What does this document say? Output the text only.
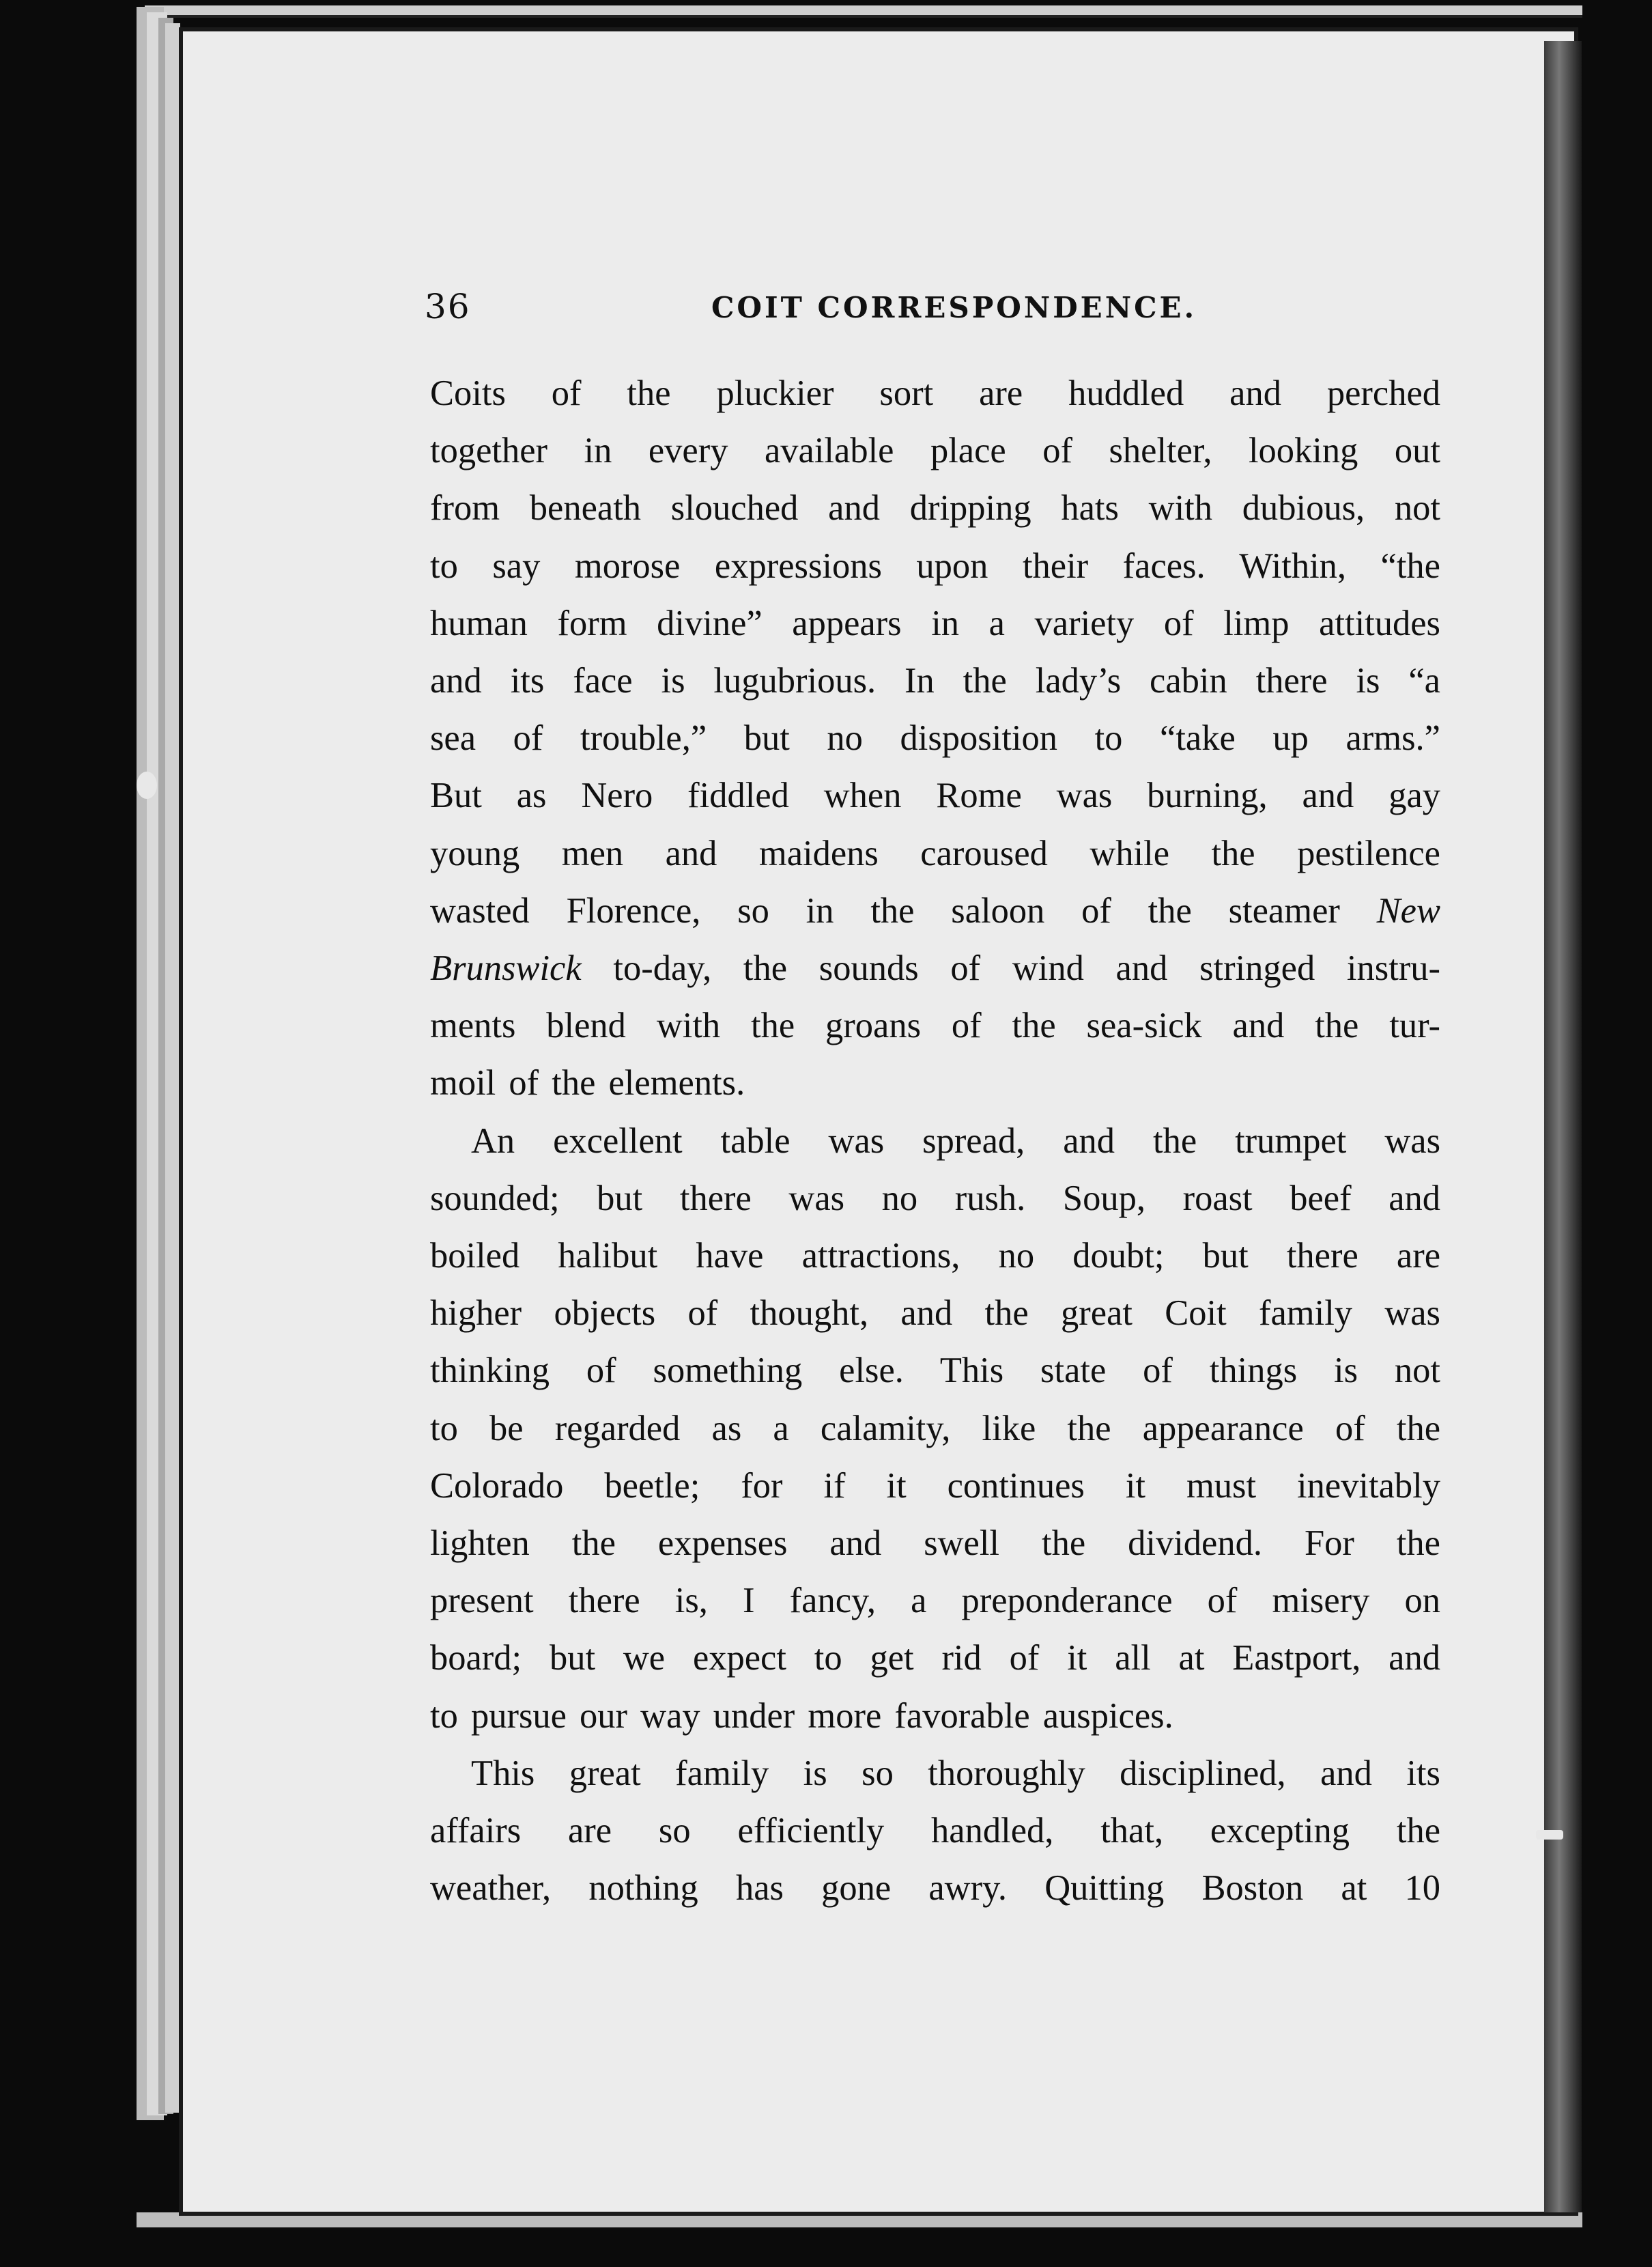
36	COIT CORRESPONDENCE.

Coits of the pluckier sort are huddled and perched
together in every available place of shelter, looking out
from beneath slouched and dripping hats with dubious, not
to say morose expressions upon their faces. Within, “the
human form divine” appears in a variety of limp attitudes
and its face is lugubrious. In the lady’s cabin there is “a
sea of trouble,” but no disposition to “take up arms.”
But as Nero fiddled when Rome was burning, and gay
young men and maidens caroused while the pestilence
wasted Florence, so in the saloon of the steamer New
Brunswick to-day, the sounds of wind and stringed instru-
ments blend with the groans of the sea-sick and the tur-
moil of the elements.

An excellent table was spread, and the trumpet was
sounded; but there was no rush. Soup, roast beef and
boiled halibut have attractions, no doubt; but there are
higher objects of thought, and the great Coit family was
thinking of something else. This state of things is not
to be regarded as a calamity, like the appearance of the
Colorado beetle; for if it continues it must inevitably
lighten the expenses and swell the dividend. For the
present there is, I fancy, a preponderance of misery on
board; but we expect to get rid of it all at Eastport, and
to pursue our way under more favorable auspices.

This great family is so thoroughly disciplined, and its
affairs are so efficiently handled, that, excepting the
weather, nothing has gone awry. Quitting Boston at 10
